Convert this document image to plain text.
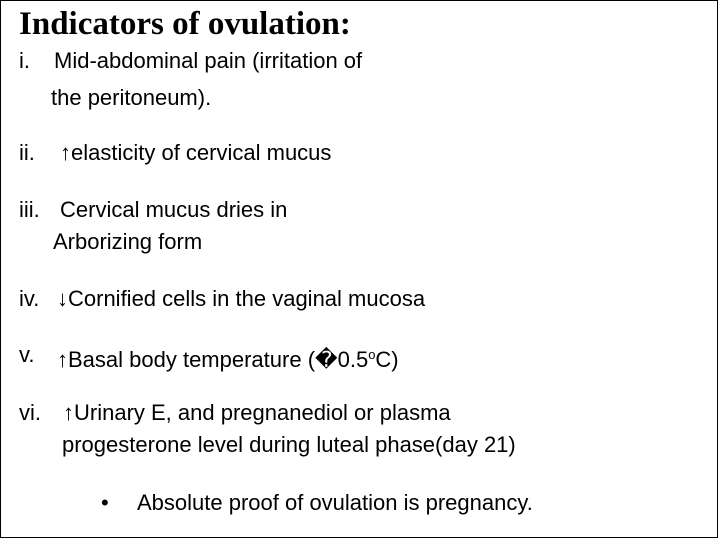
Indicators of ovulation:
i. Mid-abdominal pain (irritation of
the peritoneum).
ii. ↑elasticity of cervical mucus
iii. Cervical mucus dries in
Arborizing form
iv. ↓Cornified cells in the vaginal mucosa
v. ↑Basal body temperature (�0.5$^o$C)
vi. ↑Urinary E, and pregnanediol or plasma
progesterone level during luteal phase(day 21)
• Absolute proof of ovulation is pregnancy.
